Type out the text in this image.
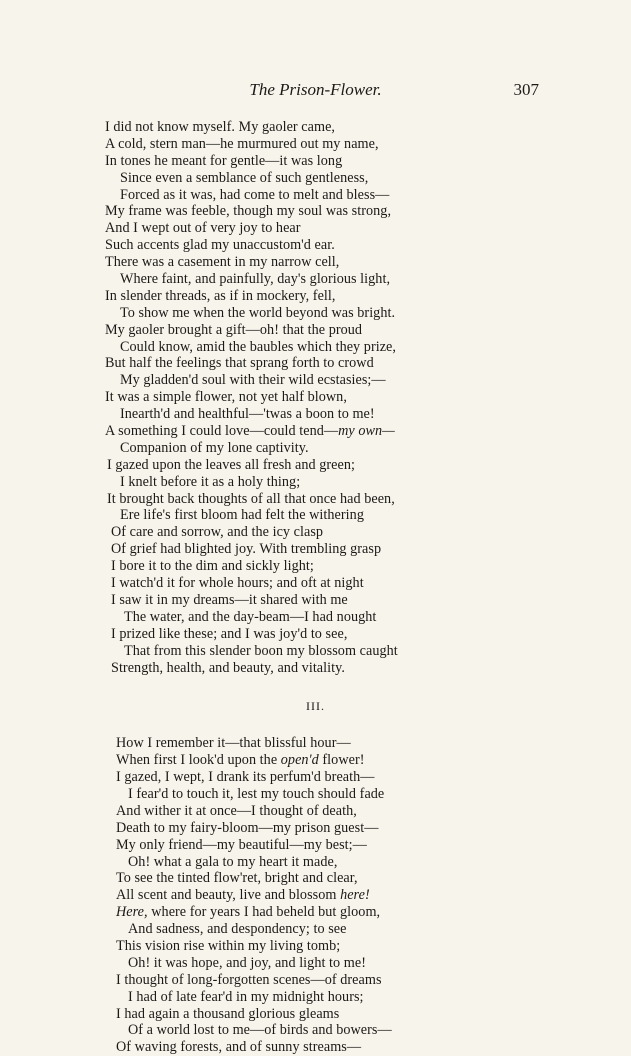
The Prison-Flower.	307
I did not know myself. My gaoler came,
A cold, stern man—he murmured out my name,
In tones he meant for gentle—it was long
Since even a semblance of such gentleness,
Forced as it was, had come to melt and bless—
My frame was feeble, though my soul was strong,
And I wept out of very joy to hear
Such accents glad my unaccustom'd ear.
There was a casement in my narrow cell,
Where faint, and painfully, day's glorious light,
In slender threads, as if in mockery, fell,
To show me when the world beyond was bright.
My gaoler brought a gift—oh! that the proud
Could know, amid the baubles which they prize,
But half the feelings that sprang forth to crowd
My gladden'd soul with their wild ecstasies;—
It was a simple flower, not yet half blown,
Inearth'd and healthful—'twas a boon to me!
A something I could love—could tend—my own—
Companion of my lone captivity.
I gazed upon the leaves all fresh and green;
I knelt before it as a holy thing;
It brought back thoughts of all that once had been,
Ere life's first bloom had felt the withering
Of care and sorrow, and the icy clasp
Of grief had blighted joy. With trembling grasp
I bore it to the dim and sickly light;
I watch'd it for whole hours; and oft at night
I saw it in my dreams—it shared with me
The water, and the day-beam—I had nought
I prized like these; and I was joy'd to see,
That from this slender boon my blossom caught
Strength, health, and beauty, and vitality.
III.
How I remember it—that blissful hour—
When first I look'd upon the open'd flower!
I gazed, I wept, I drank its perfum'd breath—
I fear'd to touch it, lest my touch should fade
And wither it at once—I thought of death,
Death to my fairy-bloom—my prison guest—
My only friend—my beautiful—my best;—
Oh! what a gala to my heart it made,
To see the tinted flow'ret, bright and clear,
All scent and beauty, live and blossom here!
Here, where for years I had beheld but gloom,
And sadness, and despondency; to see
This vision rise within my living tomb;
Oh! it was hope, and joy, and light to me!
I thought of long-forgotten scenes—of dreams
I had of late fear'd in my midnight hours;
I had again a thousand glorious gleams
Of a world lost to me—of birds and bowers—
Of waving forests, and of sunny streams—
